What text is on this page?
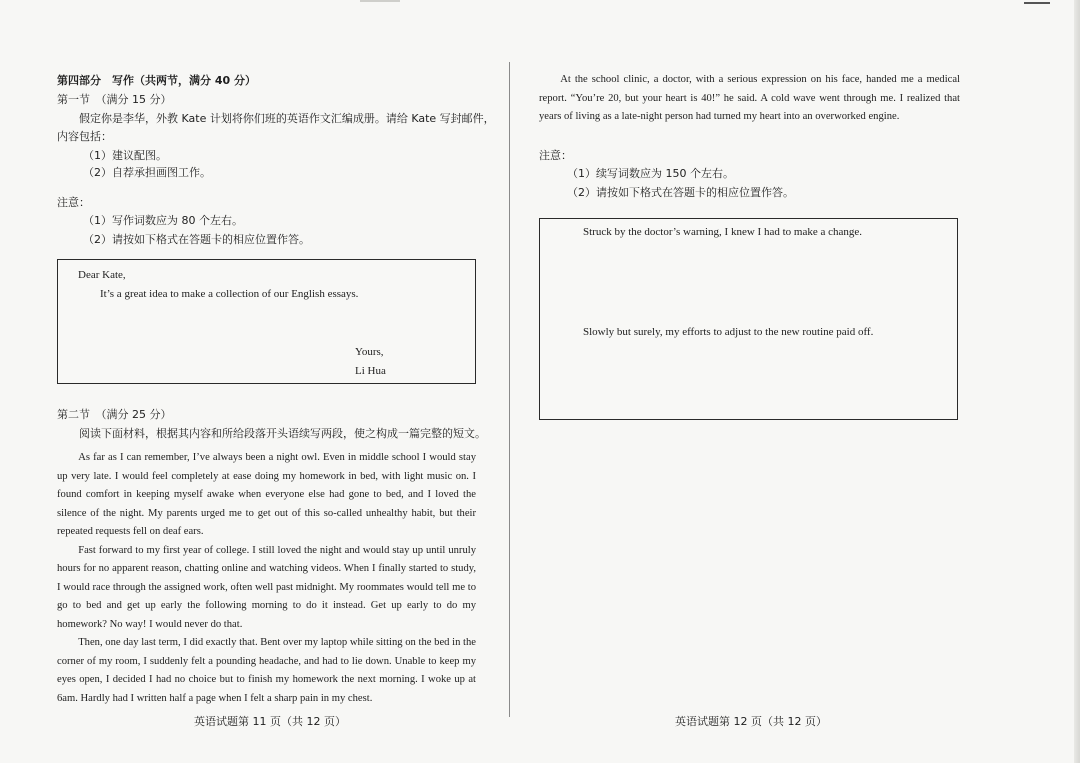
第四部分　写作（共两节，满分 40 分）
第一节　（满分 15 分）
假定你是李华，外教 Kate 计划将你们班的英语作文汇编成册。请给 Kate 写封邮件，
内容包括：
（1）建议配图。
（2）自荐承担画图工作。
注意：
（1）写作词数应为 80 个左右。
（2）请按如下格式在答题卡的相应位置作答。
Dear Kate,
It’s a great idea to make a collection of our English essays.
Yours,
Li Hua
第二节　（满分 25 分）
阅读下面材料，根据其内容和所给段落开头语续写两段，使之构成一篇完整的短文。

As far as I can remember, I’ve always been a night owl. Even in middle school I would stay up very late. I would feel completely at ease doing my homework in bed, with light music on. I found comfort in keeping myself awake when everyone else had gone to bed, and I loved the silence of the night. My parents urged me to get out of this so-called unhealthy habit, but their repeated requests fell on deaf ears.

Fast forward to my first year of college. I still loved the night and would stay up until unruly hours for no apparent reason, chatting online and watching videos. When I finally started to study, I would race through the assigned work, often well past midnight. My roommates would tell me to go to bed and get up early the following morning to do it instead. Get up early to do my homework? No way! I would never do that.

Then, one day last term, I did exactly that. Bent over my laptop while sitting on the bed in the corner of my room, I suddenly felt a pounding headache, and had to lie down. Unable to keep my eyes open, I decided I had no choice but to finish my homework the next morning. I woke up at 6am. Hardly had I written half a page when I felt a sharp pain in my chest.

英语试题第 11 页（共 12 页）

At the school clinic, a doctor, with a serious expression on his face, handed me a medical report. “You’re 20, but your heart is 40!” he said. A cold wave went through me. I realized that years of living as a late-night person had turned my heart into an overworked engine.

注意：
（1）续写词数应为 150 个左右。
（2）请按如下格式在答题卡的相应位置作答。
Struck by the doctor’s warning, I knew I had to make a change.
Slowly but surely, my efforts to adjust to the new routine paid off.
英语试题第 12 页（共 12 页）
